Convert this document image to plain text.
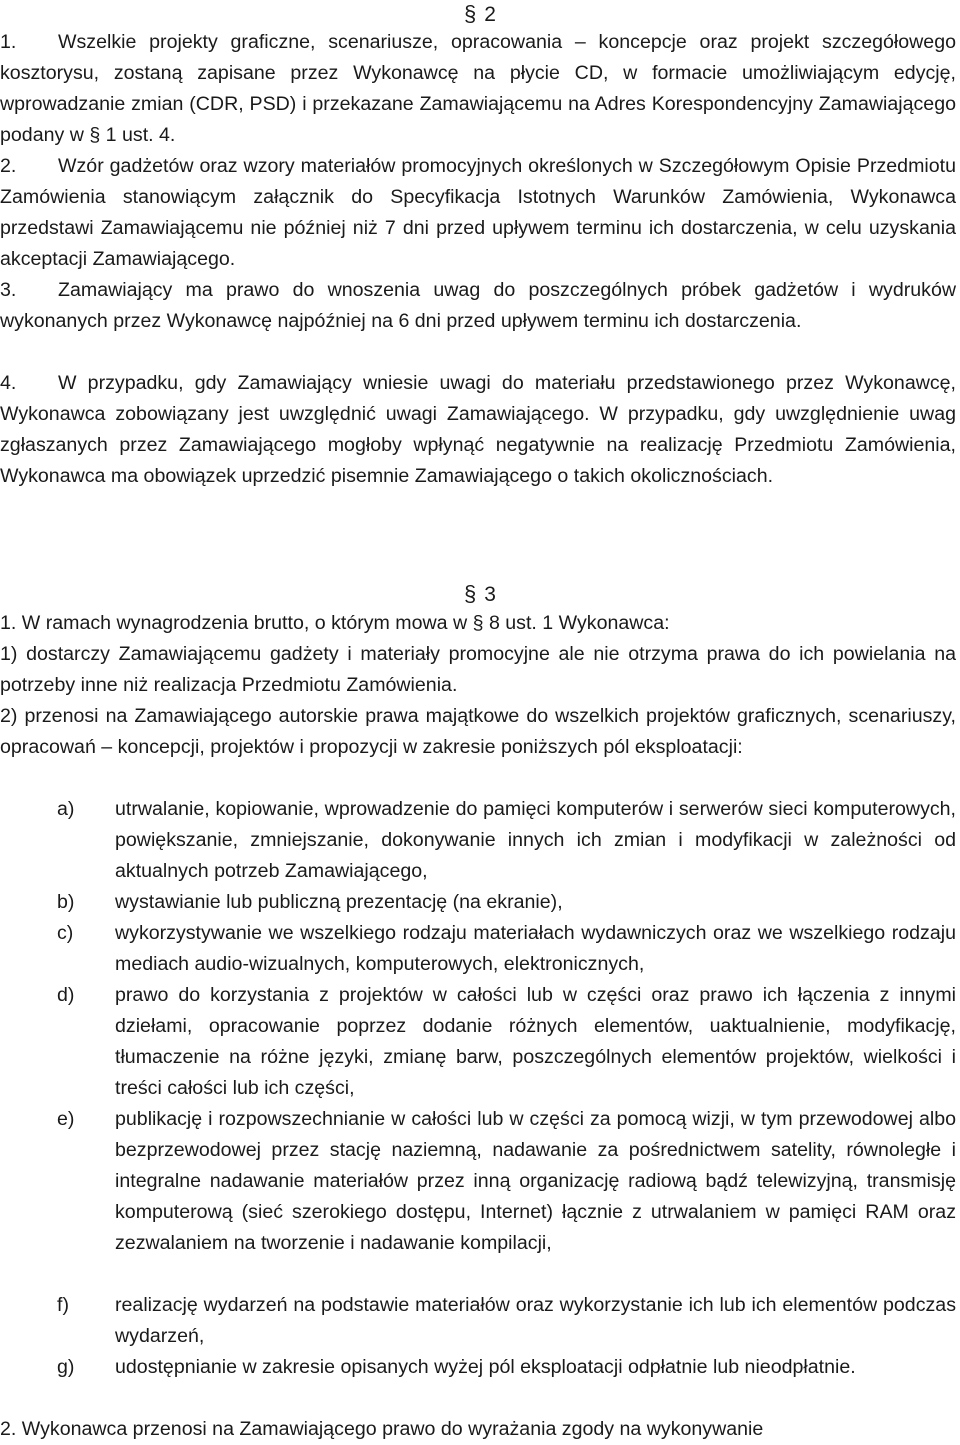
§ 2
1. Wszelkie projekty graficzne, scenariusze, opracowania – koncepcje oraz projekt szczegółowego kosztorysu, zostaną zapisane przez Wykonawcę na płycie CD, w formacie umożliwiającym edycję, wprowadzanie zmian (CDR, PSD) i przekazane Zamawiającemu na Adres Korespondencyjny Zamawiającego podany w § 1 ust. 4.
2. Wzór gadżetów oraz wzory materiałów promocyjnych określonych w Szczegółowym Opisie Przedmiotu Zamówienia stanowiącym załącznik do Specyfikacja Istotnych Warunków Zamówienia, Wykonawca przedstawi Zamawiającemu nie później niż 7 dni przed upływem terminu ich dostarczenia, w celu uzyskania akceptacji Zamawiającego.
3. Zamawiający ma prawo do wnoszenia uwag do poszczególnych próbek gadżetów i wydruków wykonanych przez Wykonawcę najpóźniej na 6 dni przed upływem terminu ich dostarczenia.
4. W przypadku, gdy Zamawiający wniesie uwagi do materiału przedstawionego przez Wykonawcę, Wykonawca zobowiązany jest uwzględnić uwagi Zamawiającego. W przypadku, gdy uwzględnienie uwag zgłaszanych przez Zamawiającego mogłoby wpłynąć negatywnie na realizację Przedmiotu Zamówienia, Wykonawca ma obowiązek uprzedzić pisemnie Zamawiającego o takich okolicznościach.
§ 3
1. W ramach wynagrodzenia brutto, o którym mowa w § 8 ust. 1 Wykonawca:
1) dostarczy Zamawiającemu gadżety i materiały promocyjne ale nie otrzyma prawa do ich powielania na potrzeby inne niż realizacja Przedmiotu Zamówienia.
2) przenosi na Zamawiającego autorskie prawa majątkowe do wszelkich projektów graficznych, scenariuszy, opracowań – koncepcji, projektów i propozycji w zakresie poniższych pól eksploatacji:
a)	utrwalanie, kopiowanie, wprowadzenie do pamięci komputerów i serwerów sieci komputerowych, powiększanie, zmniejszanie, dokonywanie innych ich zmian i modyfikacji w zależności od aktualnych potrzeb Zamawiającego,
b)	wystawianie lub publiczną prezentację (na ekranie),
c)	wykorzystywanie we wszelkiego rodzaju materiałach wydawniczych oraz we wszelkiego rodzaju mediach audio-wizualnych, komputerowych, elektronicznych,
d)	prawo do korzystania z projektów w całości lub w części oraz prawo ich łączenia z innymi dziełami, opracowanie poprzez dodanie różnych elementów, uaktualnienie, modyfikację, tłumaczenie na różne języki, zmianę barw, poszczególnych elementów projektów, wielkości i treści całości lub ich części,
e)	publikację i rozpowszechnianie w całości lub w części za pomocą wizji, w tym przewodowej albo bezprzewodowej przez stację naziemną, nadawanie za pośrednictwem satelity, równoległe i integralne nadawanie materiałów przez inną organizację radiową bądź telewizyjną, transmisję komputerową (sieć szerokiego dostępu, Internet) łącznie z utrwalaniem w pamięci RAM oraz zezwalaniem na tworzenie i nadawanie kompilacji,
f)	realizację wydarzeń na podstawie materiałów oraz wykorzystanie ich lub ich elementów podczas wydarzeń,
g)	udostępnianie w zakresie opisanych wyżej pól eksploatacji odpłatnie lub nieodpłatnie.
2. Wykonawca przenosi na Zamawiającego prawo do wyrażania zgody na wykonywanie
